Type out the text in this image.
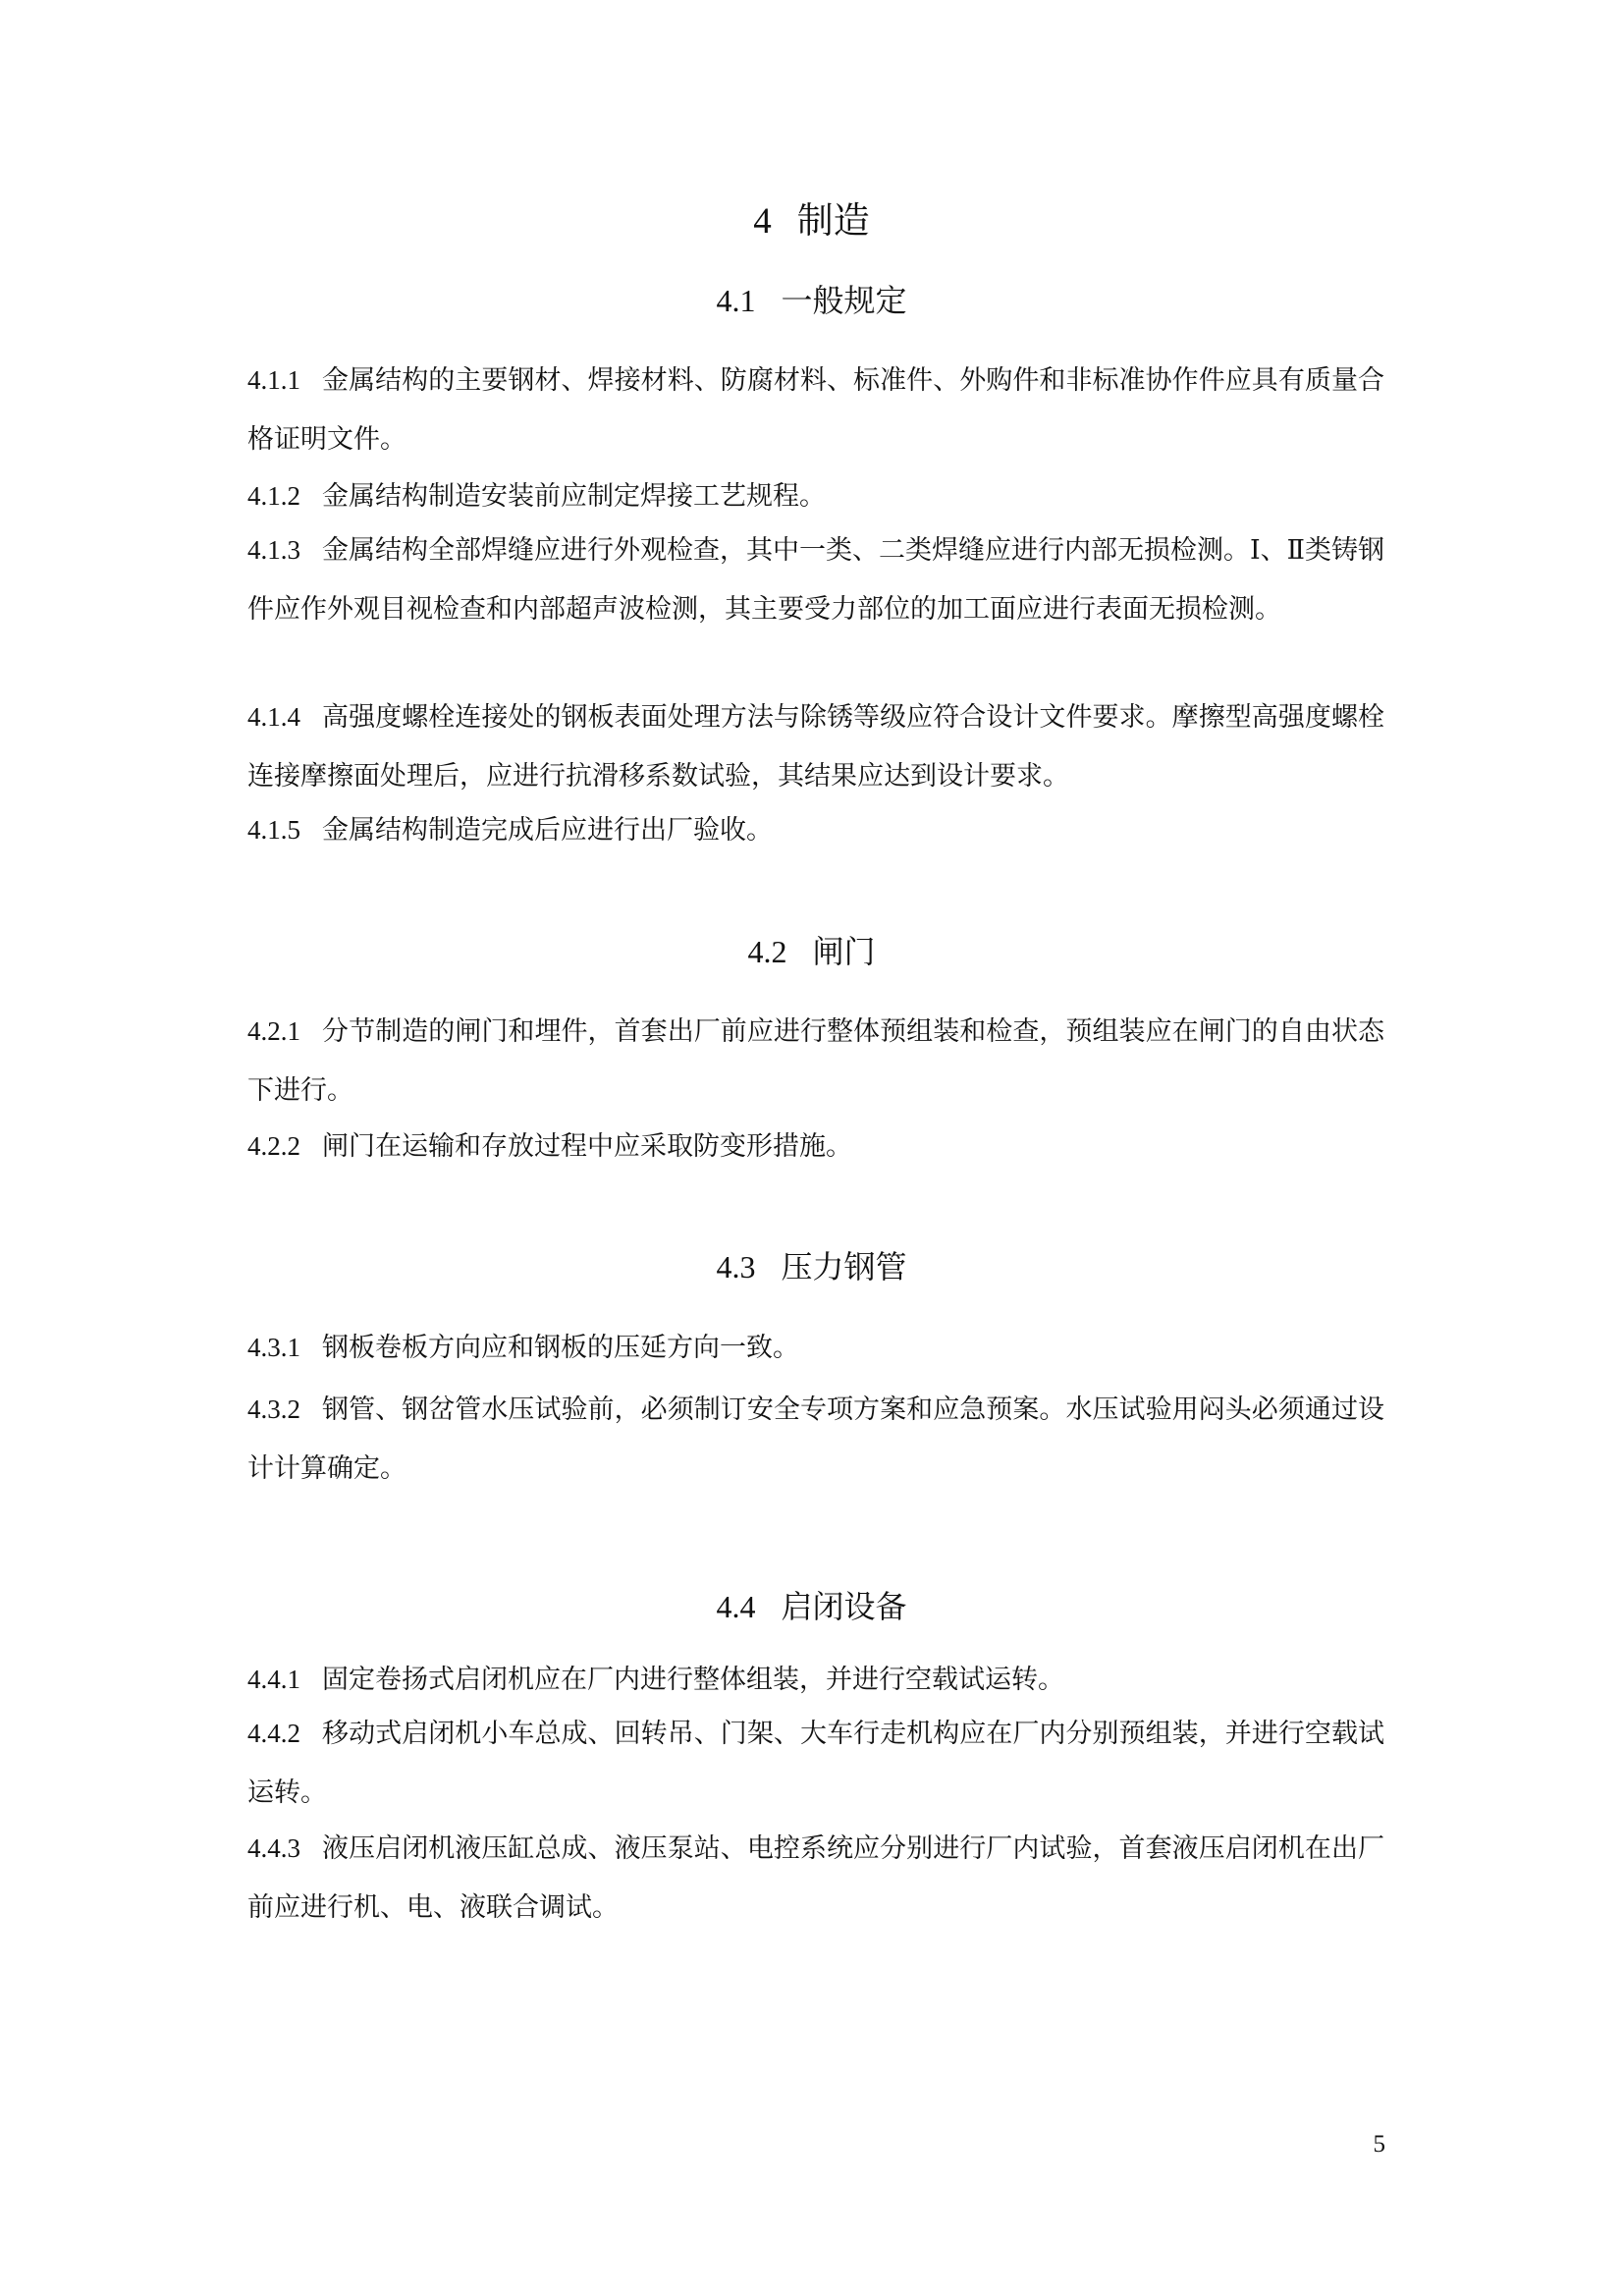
4 制造
4.1 一般规定
4.1.1 金属结构的主要钢材、焊接材料、防腐材料、标准件、外购件和非标准协作件应具有质量合格证明文件。
4.1.2 金属结构制造安装前应制定焊接工艺规程。
4.1.3 金属结构全部焊缝应进行外观检查，其中一类、二类焊缝应进行内部无损检测。Ⅰ、Ⅱ类铸钢件应作外观目视检查和内部超声波检测，其主要受力部位的加工面应进行表面无损检测。
4.1.4 高强度螺栓连接处的钢板表面处理方法与除锈等级应符合设计文件要求。摩擦型高强度螺栓连接摩擦面处理后，应进行抗滑移系数试验，其结果应达到设计要求。
4.1.5 金属结构制造完成后应进行出厂验收。
4.2 闸门
4.2.1 分节制造的闸门和埋件，首套出厂前应进行整体预组装和检查，预组装应在闸门的自由状态下进行。
4.2.2 闸门在运输和存放过程中应采取防变形措施。
4.3 压力钢管
4.3.1 钢板卷板方向应和钢板的压延方向一致。
4.3.2 钢管、钢岔管水压试验前，必须制订安全专项方案和应急预案。水压试验用闷头必须通过设计计算确定。
4.4 启闭设备
4.4.1 固定卷扬式启闭机应在厂内进行整体组装，并进行空载试运转。
4.4.2 移动式启闭机小车总成、回转吊、门架、大车行走机构应在厂内分别预组装，并进行空载试运转。
4.4.3 液压启闭机液压缸总成、液压泵站、电控系统应分别进行厂内试验，首套液压启闭机在出厂前应进行机、电、液联合调试。
5
